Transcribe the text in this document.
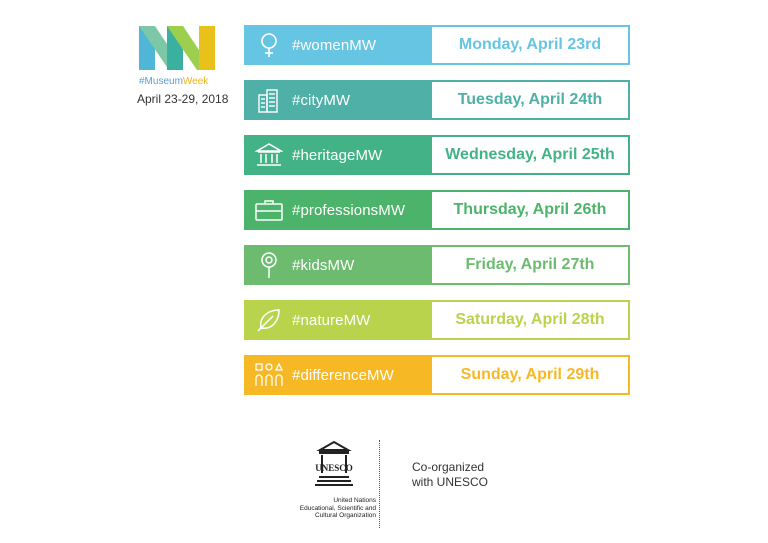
#MuseumWeek
April 23-29, 2018
#womenMW	Monday, April 23rd
#cityMW	Tuesday, April 24th
#heritageMW	Wednesday, April 25th
#professionsMW	Thursday, April 26th
#kidsMW	Friday, April 27th
#natureMW	Saturday, April 28th
#differenceMW	Sunday, April 29th
UNESCO
United Nations
Educational, Scientific and
Cultural Organization
Co-organized
with UNESCO
